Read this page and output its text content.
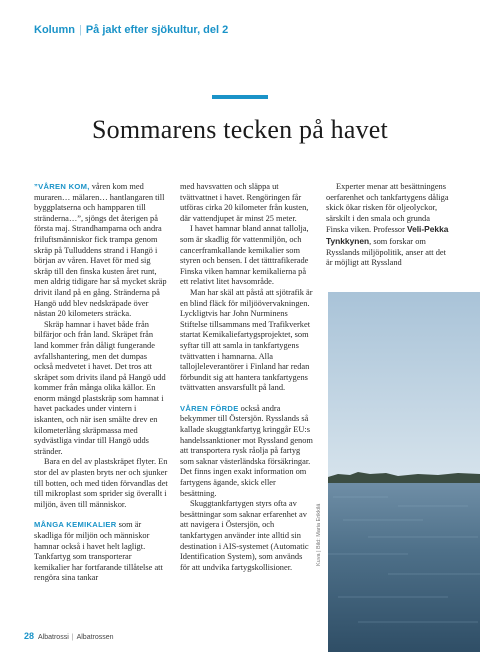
Kolumn | På jakt efter sjökultur, del 2
Sommarens tecken på havet

”VÅREN KOM, våren kom med muraren… mälaren… hantlangaren till byggplatserna och hampparen till stränderna…”, sjöngs det återigen på första maj. Strandhamparna och andra friluftsmänniskor fick trampa genom skräp på Tulluddens strand i Hangö i början av våren. Havet för med sig skräp till den finska kusten året runt, men aldrig tidigare har så mycket skräp drivit iland på en gång. Stränderna på Hangö udd blev nedskräpade över nästan 20 kilometers sträcka.

Skräp hamnar i havet både från bilfärjor och från land. Skräpet från land kommer från dåligt fungerande avfallshantering, men det dumpas också medvetet i havet. Det tros att skräpet som drivits iland på Hangö udd kommer från många olika källor. En enorm mängd plastskräp som hamnat i havet packades under vintern i iskanten, och när isen smälte drev en kilometerlång skräpmassa med sydvästliga vindar till Hangö udds stränder.

Bara en del av plastskräpet flyter. En stor del av plasten bryts ner och sjunker till botten, och med tiden förvandlas det till mikroplast som sprider sig överallt i miljön, även till människor.

MÅNGA KEMIKALIER som är skadliga för miljön och människor hamnar också i havet helt lagligt. Tankfartyg som transporterar kemikalier har fortfarande tillåtelse att rengöra sina tankar

med havsvatten och släppa ut tvättvattnet i havet. Rengöringen får utföras cirka 20 kilometer från kusten, där vattendjupet är minst 25 meter.

I havet hamnar bland annat tallolja, som är skadlig för vattenmiljön, och cancerframkallande kemikalier som styren och bensen. I det tätttrafikerade Finska viken hamnar kemikalierna på ett relativt litet havsområde.

Man har skäl att påstå att sjötrafik är en blind fläck för miljöövervakningen. Lyckligtvis har John Nurminens Stiftelse tillsammans med Trafikverket startat Kemikaliefartygsprojektet, som syftar till att samla in tankfartygens tvättvatten i hamnarna. Alla tallojleleverantörer i Finland har redan förbundit sig att hantera tankfartygens tvättvatten ansvarsfullt på land.

VÅREN FÖRDE också andra bekymmer till Östersjön. Rysslands så kallade skuggtankfartyg kringgår EU:s handelssanktioner mot Ryssland genom att transportera rysk råolja på fartyg som saknar västerländska försäkringar. Det finns ingen exakt information om fartygens ägande, skick eller besättning.

Skuggtankfartygen styrs ofta av besättningar som saknar erfarenhet av att navigera i Östersjön, och tankfartygen använder inte alltid sin destination i AIS-systemet (Automatic Identification System), som används för att undvika fartygskollisioner.

Experter menar att besättningens oerfarenhet och tankfartygens dåliga skick ökar risken för oljeolyckor, särskilt i den smala och grunda Finska viken. Professor Veli-Pekka Tynkkynen, som forskar om Rysslands miljöpolitik, anser att det är möjligt att Ryssland

Kuva | Bild: Maria Erikkilä
28 Albatrossi | Albatrossen
